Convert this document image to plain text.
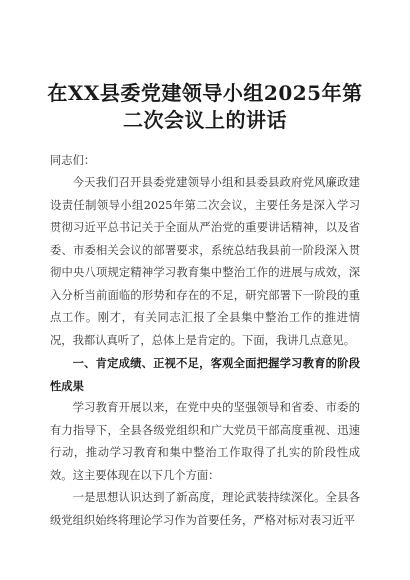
在XX县委党建领导小组2025年第二次会议上的讲话

同志们：

今天我们召开县委党建领导小组和县委县政府党风廉政建设责任制领导小组2025年第二次会议，主要任务是深入学习贯彻习近平总书记关于全面从严治党的重要讲话精神，以及省委、市委相关会议的部署要求，系统总结我县前一阶段深入贯彻中央八项规定精神学习教育集中整治工作的进展与成效，深入分析当前面临的形势和存在的不足，研究部署下一阶段的重点工作。刚才，有关同志汇报了全县集中整治工作的推进情况，我都认真听了，总体上是肯定的。下面，我讲几点意见。

一、肯定成绩、正视不足，客观全面把握学习教育的阶段性成果

学习教育开展以来，在党中央的坚强领导和省委、市委的有力指导下，全县各级党组织和广大党员干部高度重视、迅速行动，推动学习教育和集中整治工作取得了扎实的阶段性成效。这主要体现在以下几个方面：

一是思想认识达到了新高度，理论武装持续深化。全县各级党组织始终将理论学习作为首要任务，严格对标对表习近平
